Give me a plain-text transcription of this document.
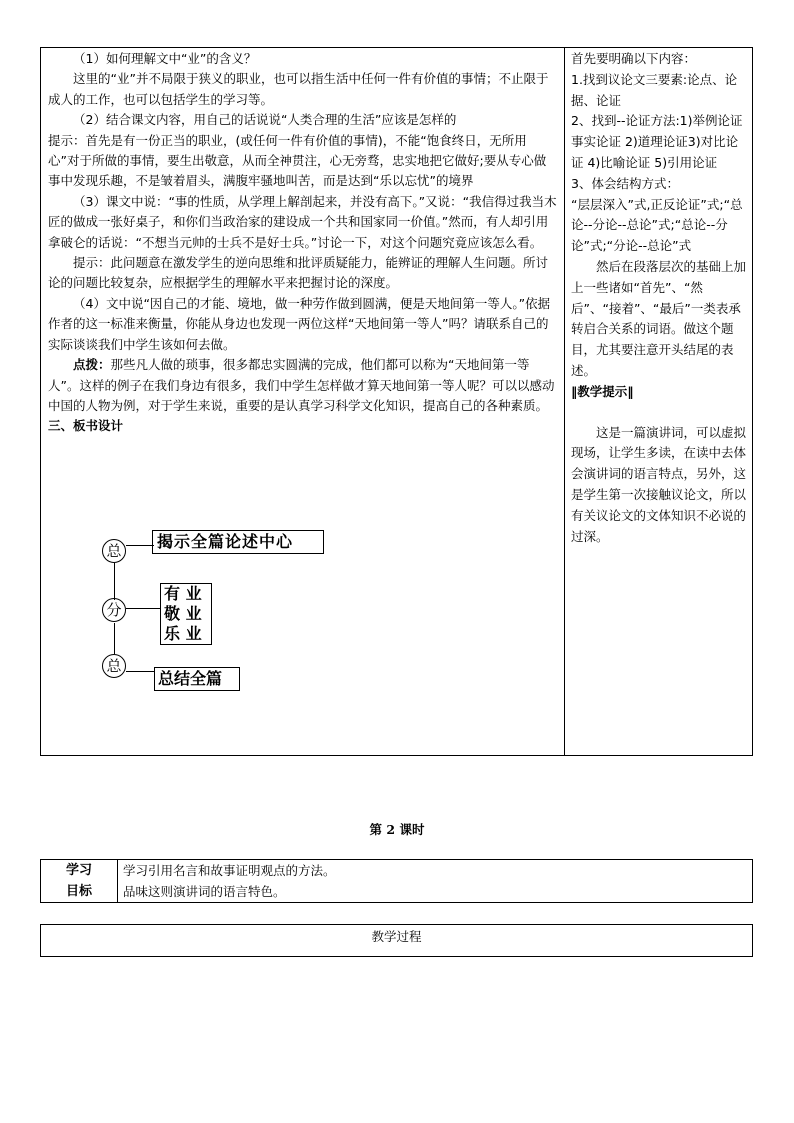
（1）如何理解文中“业”的含义？

这里的“业”并不局限于狭义的职业，也可以指生活中任何一件有价值的事情；不止限于成人的工作，也可以包括学生的学习等。

（2）结合课文内容，用自己的话说说“人类合理的生活”应该是怎样的

提示：首先是有一份正当的职业，(或任何一件有价值的事情)，不能“饱食终日，无所用心”对于所做的事情，要生出敬意，从而全神贯注，心无旁骛，忠实地把它做好;要从专心做事中发现乐趣，不是皱着眉头，满腹牢骚地叫苦，而是达到“乐以忘忧”的境界

（3）课文中说：“事的性质，从学理上解剖起来，并没有高下。”又说：“我信得过我当木匠的做成一张好桌子，和你们当政治家的建设成一个共和国家同一价值。”然而，有人却引用拿破仑的话说：“不想当元帅的士兵不是好士兵。”讨论一下，对这个问题究竟应该怎么看。

提示：此问题意在激发学生的逆向思维和批评质疑能力，能辨证的理解人生问题。所讨论的问题比较复杂，应根据学生的理解水平来把握讨论的深度。

（4）文中说“因自己的才能、境地，做一种劳作做到圆满，便是天地间第一等人。”依据作者的这一标准来衡量，你能从身边也发现一两位这样“天地间第一等人”吗？请联系自己的实际谈谈我们中学生该如何去做。

点拨：那些凡人做的琐事，很多都忠实圆满的完成，他们都可以称为“天地间第一等人”。这样的例子在我们身边有很多，我们中学生怎样做才算天地间第一等人呢？可以以感动中国的人物为例，对于学生来说，重要的是认真学习科学文化知识，提高自己的各种素质。

三、板书设计

总
分
总
揭示全篇论述中心
有 业
敬 业
乐 业
总结全篇

首先要明确以下内容：

1.找到议论文三要素:论点、论据、论证

2、找到--论证方法:1)举例论证事实论证 2)道理论证3)对比论证 4)比喻论证 5)引用论证

3、体会结构方式：

“层层深入”式,正反论证”式;“总论--分论--总论”式;“总论--分论”式;“分论--总论”式

然后在段落层次的基础上加上一些诸如“首先”、“然后”、“接着”、“最后”一类表承转启合关系的词语。做这个题目，尤其要注意开头结尾的表述。

‖教学提示‖

这是一篇演讲词，可以虚拟现场，让学生多读，在读中去体会演讲词的语言特点，另外，这是学生第一次接触议论文，所以有关议论文的文体知识不必说的过深。

第 2 课时
学习
目标
学习引用名言和故事证明观点的方法。
品味这则演讲词的语言特色。
教学过程
